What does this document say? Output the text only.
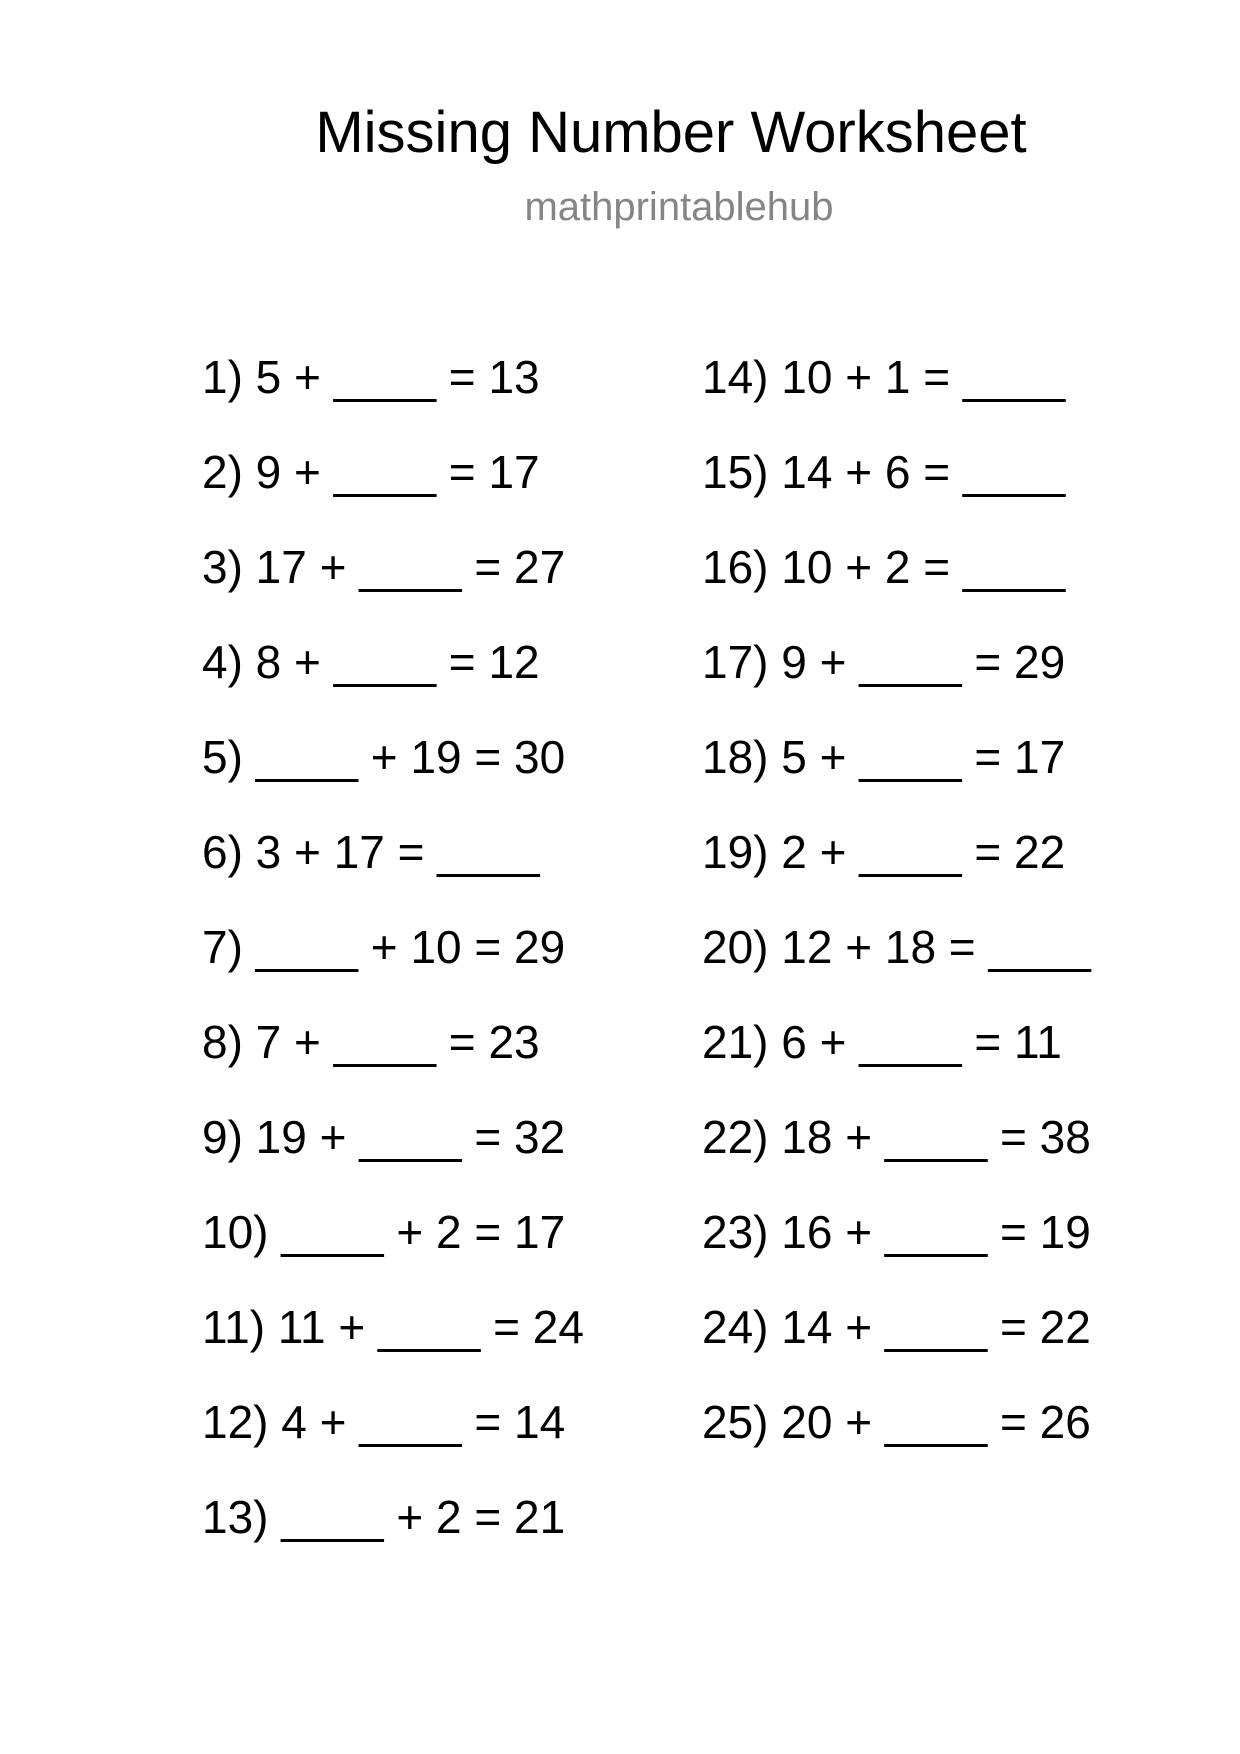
Missing Number Worksheet
mathprintablehub
1) 5 + ____ = 13
2) 9 + ____ = 17
3) 17 + ____ = 27
4) 8 + ____ = 12
5) ____ + 19 = 30
6) 3 + 17 = ____
7) ____ + 10 = 29
8) 7 + ____ = 23
9) 19 + ____ = 32
10) ____ + 2 = 17
11) 11 + ____ = 24
12) 4 + ____ = 14
13) ____ + 2 = 21
14) 10 + 1 = ____
15) 14 + 6 = ____
16) 10 + 2 = ____
17) 9 + ____ = 29
18) 5 + ____ = 17
19) 2 + ____ = 22
20) 12 + 18 = ____
21) 6 + ____ = 11
22) 18 + ____ = 38
23) 16 + ____ = 19
24) 14 + ____ = 22
25) 20 + ____ = 26
